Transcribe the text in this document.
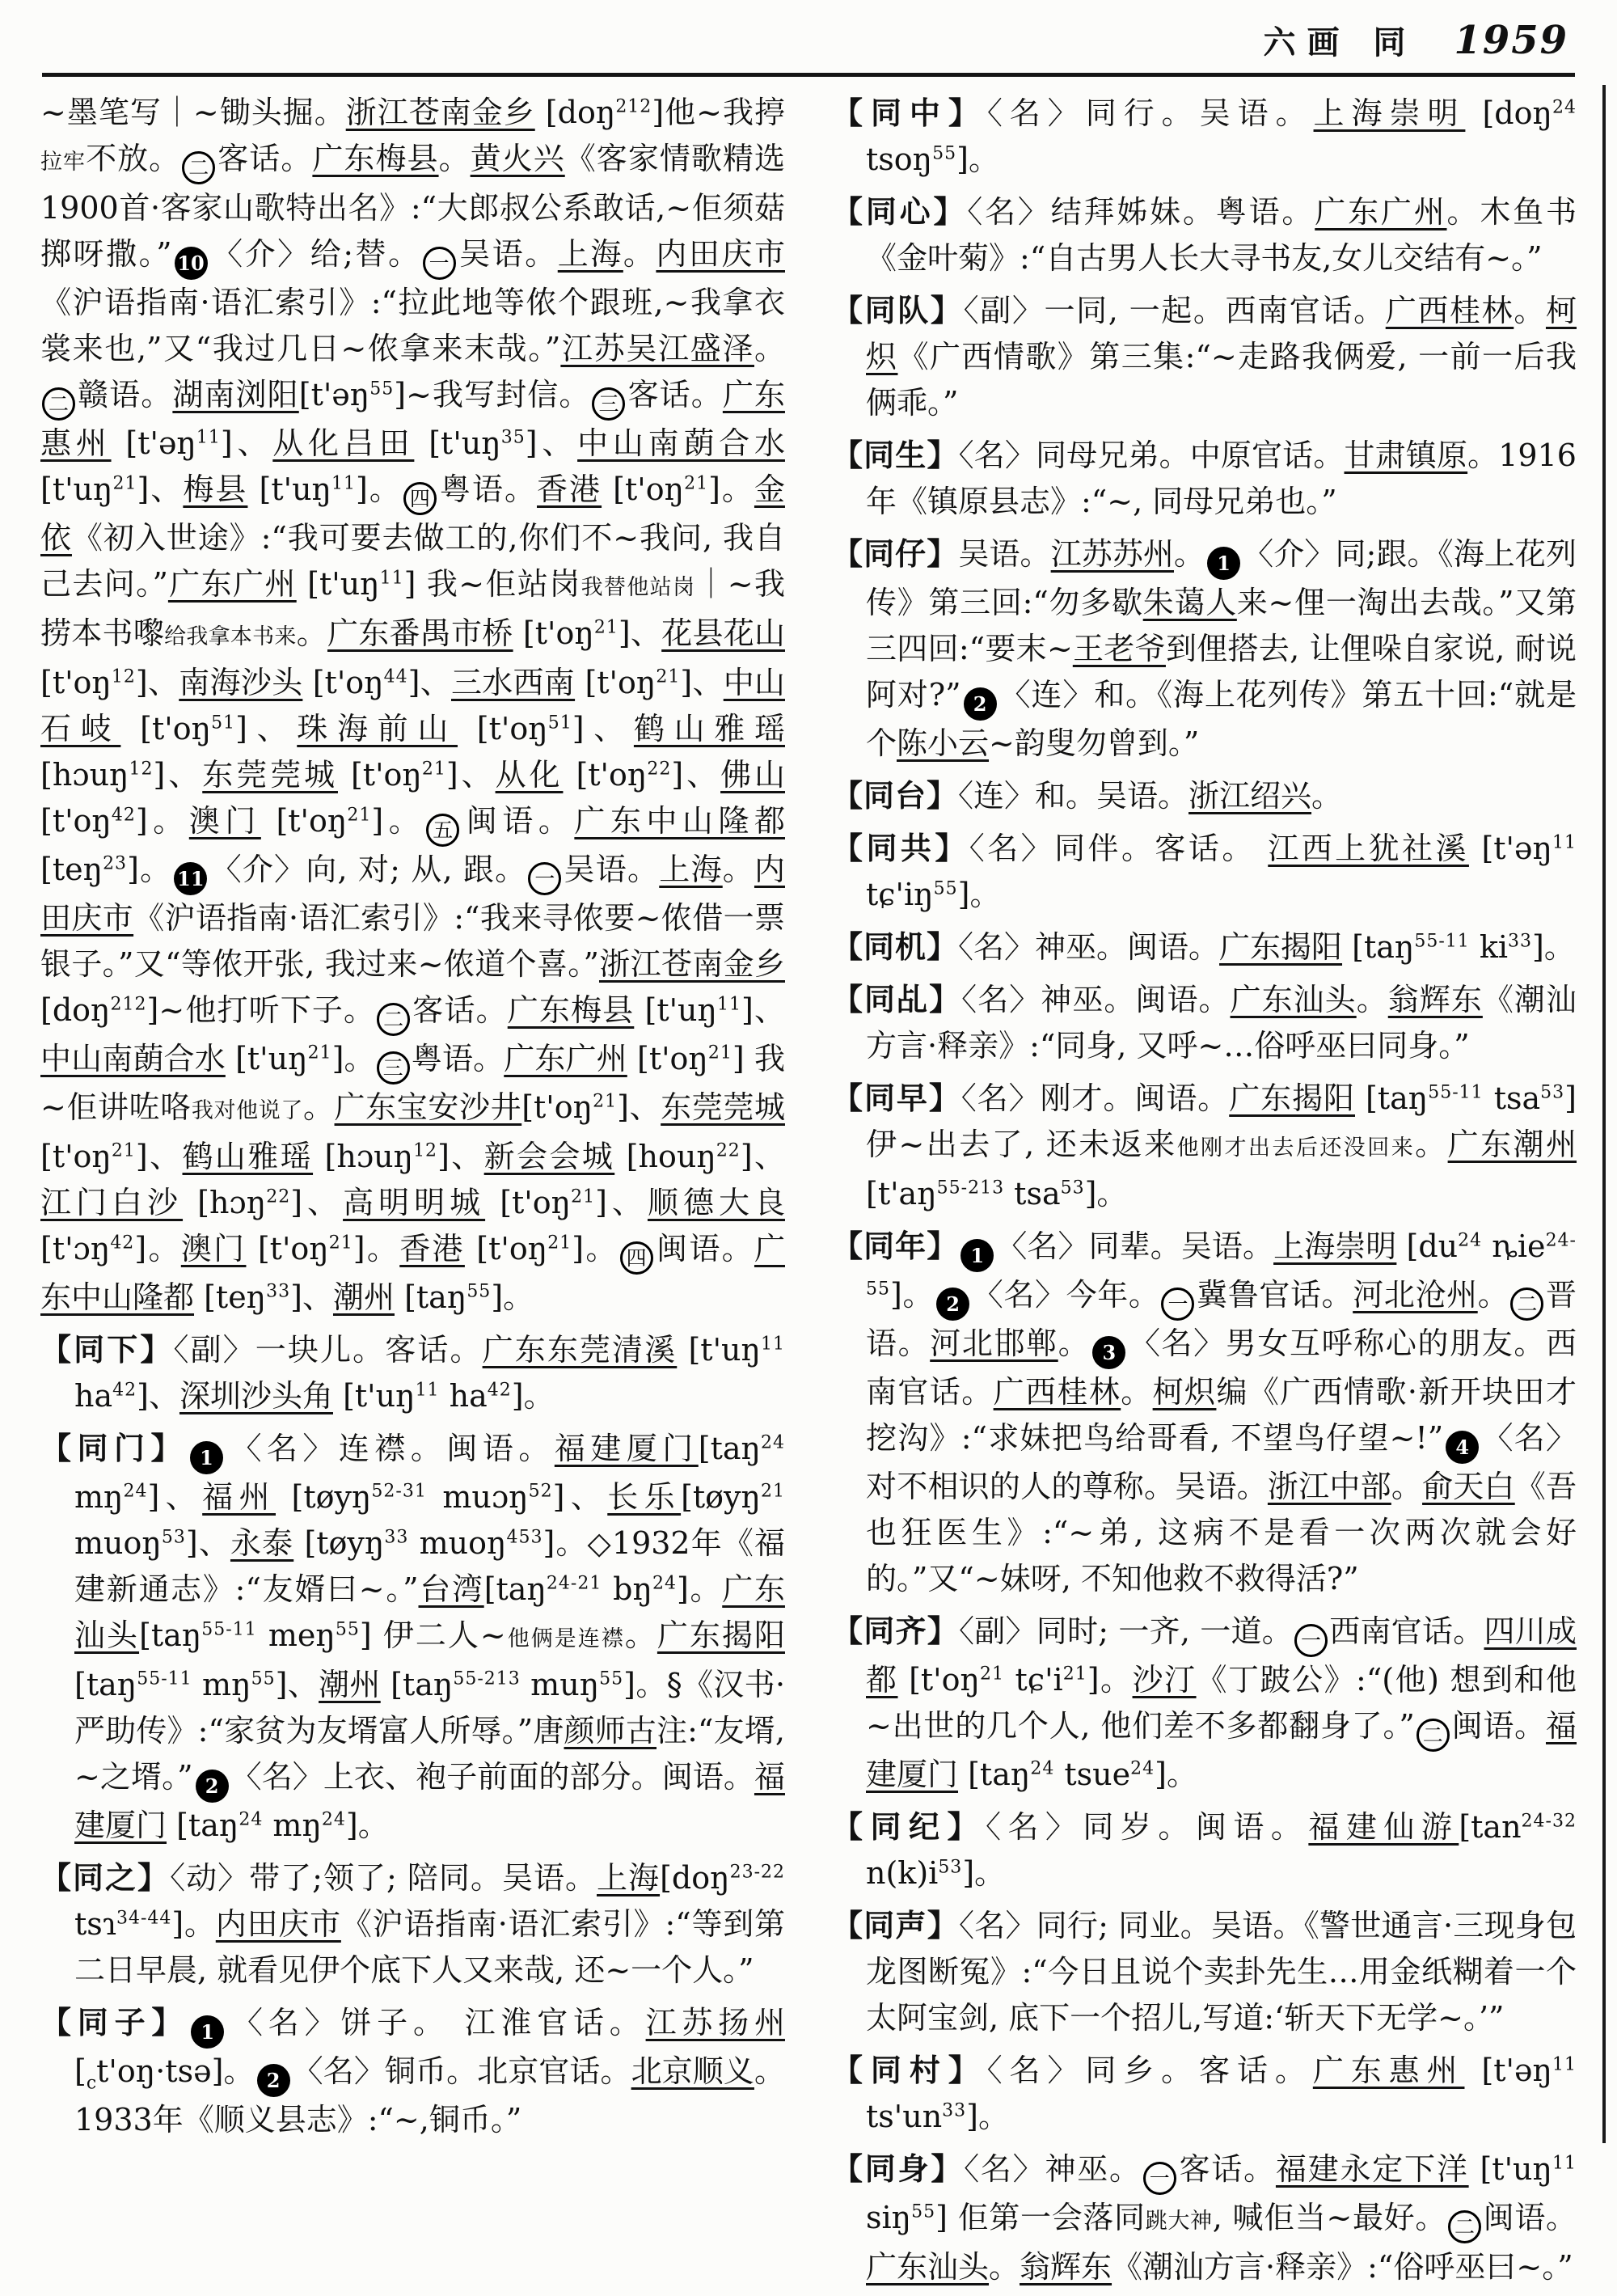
六画 同 1959

~墨笔写｜~锄头掘。浙江苍南金乡 [doŋ$^{212}$]他~我揨拉牢不放。 二 客话。广东梅县。黄火兴《客家情歌精选1900首·客家山歌特出名》:“大郎叔公系敢话,~佢须菇掷呀撒。” 10 〈介〉给;替。 一 吴语。上海。内田庆市《沪语指南·语汇索引》:“拉此地等侬个跟班,~我拿衣裳来也,”又“我过几日~侬拿来末哉。”江苏吴江盛泽。二 赣语。湖南浏阳[t'əŋ$^{55}$]~我写封信。 三 客话。广东惠州 [t'əŋ$^{11}$]、从化吕田 $[t'uŋ^{35}]$、中山南蓢合水 $[t'uŋ^{21}]$、梅县 $[t'uŋ^{11}]$。 四 粤语。香港 $[t'oŋ^{21}]$。金依《初入世途》:“我可要去做工的,你们不~我问, 我自己去问。”广东广州 $[t'uŋ^{11}]$ 我~佢站岗我替他站岗｜~我捞本书嚟给我拿本书来。广东番禺市桥 $[t'oŋ^{21}]$、花县花山 $[t'oŋ^{12}]$、南海沙头 $[t'oŋ^{44}]$、三水西南 $[t'oŋ^{21}]$、中山石岐 $[t'oŋ^{51}]$、珠海前山 $[t'oŋ^{51}]$、鹤山雅瑶 [hɔuŋ$^{12}$]、东莞莞城 $[t'oŋ^{21}]$、从化 $[t'oŋ^{22}]$、佛山 $[t'oŋ^{42}]$。澳门 $[t'oŋ^{21}]$。 五 闽语。广东中山隆都 [teŋ$^{23}$]。 11 〈介〉向, 对; 从, 跟。 一 吴语。上海。内田庆市《沪语指南·语汇索引》:“我来寻侬要~侬借一票银子。”又“等侬开张, 我过来~侬道个喜。”浙江苍南金乡[doŋ$^{212}$]~他打听下子。 二 客话。广东梅县 $[t'uŋ^{11}]$、中山南蓢合水 $[t'uŋ^{21}]$。 三 粤语。广东广州 $[t'oŋ^{21}]$ 我~佢讲咗咯我对他说了。广东宝安沙井$[t'oŋ^{21}]$、东莞莞城 $[t'oŋ^{21}]$、鹤山雅瑶 [hɔuŋ$^{12}$]、新会会城 [houŋ$^{22}$]、江门白沙 [hɔŋ$^{22}$]、高明明城 $[t'oŋ^{21}]$、顺德大良 [t'ɔŋ$^{42}$]。澳门 $[t'oŋ^{21}]$。香港 $[t'oŋ^{21}]$。 四 闽语。广东中山隆都 [teŋ$^{33}$]、潮州 [taŋ$^{55}$]。

【同下】〈副〉一块儿。客话。广东东莞清溪 [$t'uŋ^{11}$ $ha^{42}$]、深圳沙头角 [$t'uŋ^{11}$ $ha^{42}$]。

【同门】 1 〈名〉连襟。闽语。福建厦门[taŋ$^{24}$ $mŋ^{24}$]、福州 [tøyŋ$^{52-31}$ muɔŋ$^{52}$]、长乐[tøyŋ$^{21}$ muoŋ$^{53}$]、永泰 [tøyŋ$^{33}$ muoŋ$^{453}$]。◇1932年《福建新通志》:“友婿曰~。”台湾[taŋ$^{24-21}$ $bŋ^{24}$]。广东汕头[taŋ$^{55-11}$ meŋ$^{55}$] 伊二人~他俩是连襟。广东揭阳 [taŋ$^{55-11}$ $mŋ^{55}$]、潮州 [taŋ$^{55-213}$ muŋ$^{55}$]。§《汉书·严助传》:“家贫为友壻富人所辱。”唐颜师古注:“友壻, ~之壻。” 2 〈名〉上衣、袍子前面的部分。闽语。福建厦门 [taŋ$^{24}$ $mŋ^{24}$]。

【同之】〈动〉带了;领了; 陪同。吴语。上海[doŋ$^{23-22}$ tsɿ$^{34-44}$]。内田庆市《沪语指南·语汇索引》:“等到第二日早晨, 就看见伊个底下人又来哉, 还~一个人。”

【同子】 1 〈名〉饼子。 江淮官话。江苏扬州 $[_ct'oŋ\cdot tsə]$。 2 〈名〉铜币。北京官话。北京顺义。1933年《顺义县志》:“~,铜币。”

【同中】〈名〉同行。吴语。上海崇明 [doŋ$^{24}$ tsoŋ$^{55}$]。

【同心】〈名〉结拜姊妹。粤语。广东广州。木鱼书《金叶菊》:“自古男人长大寻书友,女儿交结有~。”

【同队】〈副〉一同, 一起。西南官话。广西桂林。柯炽《广西情歌》第三集:“~走路我俩爱, 一前一后我俩乖。”

【同生】〈名〉同母兄弟。中原官话。甘肃镇原。1916年《镇原县志》:“~, 同母兄弟也。”

【同仔】吴语。江苏苏州。 1 〈介〉同;跟。《海上花列传》第三回:“勿多歇朱蔼人来~俚一淘出去哉。”又第三四回:“要末~王老爷到俚搭去, 让俚哚自家说, 耐说阿对?” 2 〈连〉和。《海上花列传》第五十回:“就是个陈小云~韵叟勿曾到。”

【同台】〈连〉和。吴语。浙江绍兴。

【同共】〈名〉同伴。客话。 江西上犹社溪 [t'əŋ$^{11}$ $tɕ'iŋ^{55}$]。

【同机】〈名〉神巫。闽语。广东揭阳 [taŋ$^{55-11}$ $ki^{33}$]。

【同乩】〈名〉神巫。闽语。广东汕头。翁辉东《潮汕方言·释亲》:“同身, 又呼~…俗呼巫曰同身。”

【同早】〈名〉刚才。闽语。广东揭阳 [taŋ$^{55-11}$ tsa$^{53}$] 伊~出去了, 还未返来他刚才出去后还没回来。广东潮州 [$t'aŋ^{55-213}$ tsa$^{53}$]。

【同年】 1 〈名〉同辈。吴语。上海崇明 [$du^{24}$ ȵie$^{24-55}$]。 2 〈名〉今年。 一 冀鲁官话。河北沧州。 二 晋语。河北邯郸。 3 〈名〉男女互呼称心的朋友。西南官话。广西桂林。柯炽编《广西情歌·新开块田才挖沟》:“求妹把鸟给哥看, 不望鸟仔望~!” 4 〈名〉对不相识的人的尊称。吴语。浙江中部。俞天白《吾也狂医生》:“~弟, 这病不是看一次两次就会好的。”又“~妹呀, 不知他救不救得活?”

【同齐】〈副〉同时; 一齐, 一道。 一 西南官话。四川成都 [$t'oŋ^{21}$ $tɕ'i^{21}$]。沙汀《丁跛公》:“(他) 想到和他~出世的几个人, 他们差不多都翻身了。” 二 闽语。福建厦门 [taŋ$^{24}$ tsue$^{24}$]。

【同纪】〈名〉同岁。闽语。福建仙游[$\tan^{24-32}$ $n(k)i^{53}$]。

【同声】〈名〉同行; 同业。吴语。《警世通言·三现身包龙图断冤》:“今日且说个卖卦先生…用金纸糊着一个太阿宝剑, 底下一个招儿,写道:‘斩天下无学~。’”

【同村】〈名〉同乡。客话。广东惠州 [t'əŋ$^{11}$ $ts'un^{33}$]。

【同身】〈名〉神巫。 一 客话。福建永定下洋 [$t'uŋ^{11}$ siŋ$^{55}$] 佢第一会落同跳大神, 喊佢当~最好。 二 闽语。广东汕头。翁辉东《潮汕方言·释亲》:“俗呼巫曰~。”
